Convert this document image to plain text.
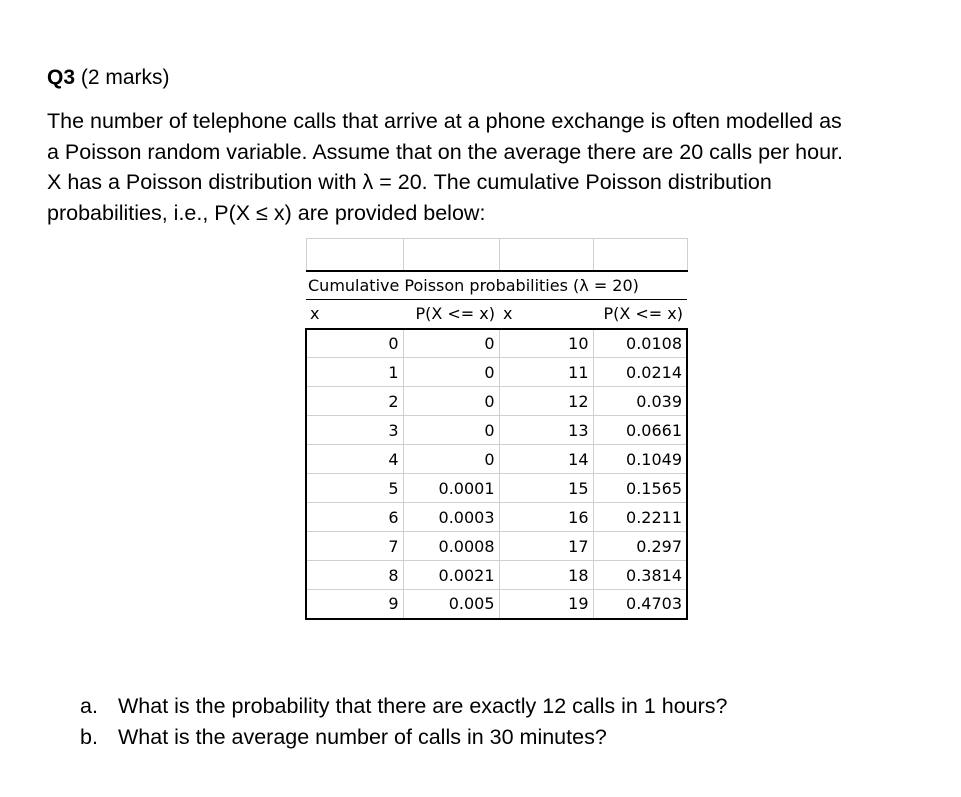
Q3 (2 marks)
The number of telephone calls that arrive at a phone exchange is often modelled as
a Poisson random variable. Assume that on the average there are 20 calls per hour.
X has a Poisson distribution with λ = 20. The cumulative Poisson distribution
probabilities, i.e., P(X ≤ x) are provided below:

Cumulative Poisson probabilities (λ = 20)			
x	P(X <= x)	x	P(X <= x)
0	0	10	0.0108
1	0	11	0.0214
2	0	12	0.039
3	0	13	0.0661
4	0	14	0.1049
5	0.0001	15	0.1565
6	0.0003	16	0.2211
7	0.0008	17	0.297
8	0.0021	18	0.3814
9	0.005	19	0.4703
a. What is the probability that there are exactly 12 calls in 1 hours?
b. What is the average number of calls in 30 minutes?
